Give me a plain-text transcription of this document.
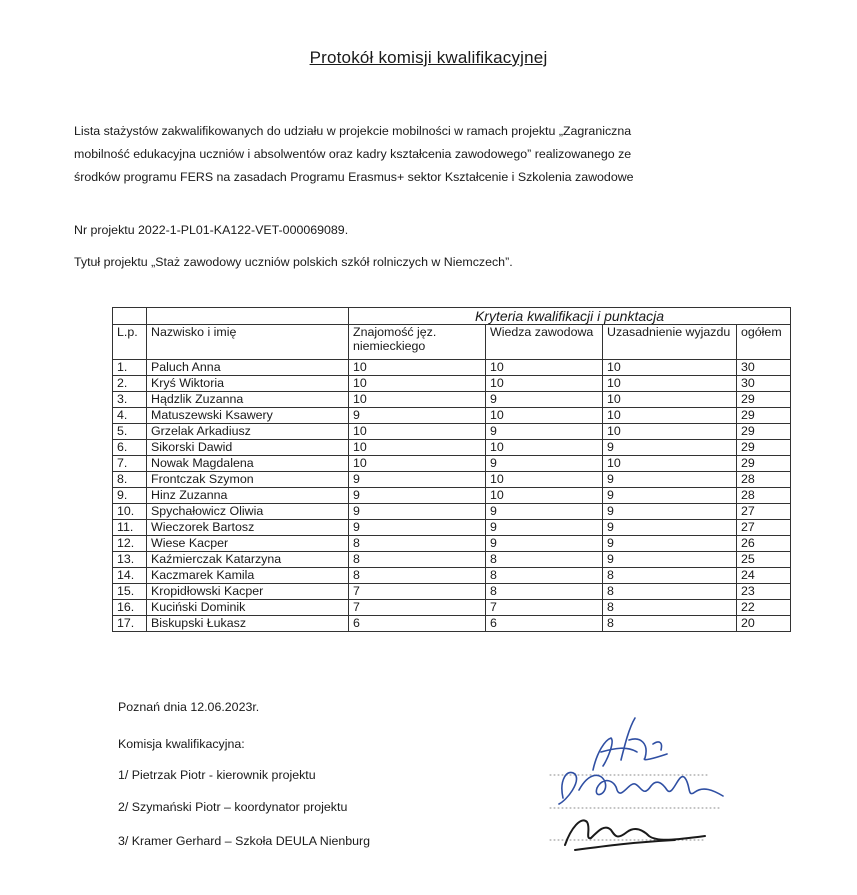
Protokół komisji kwalifikacyjnej
Lista stażystów zakwalifikowanych do udziału w projekcie mobilności w ramach projektu „Zagraniczna
mobilność edukacyjna uczniów i absolwentów oraz kadry kształcenia zawodowego” realizowanego ze
środków programu FERS na zasadach Programu Erasmus+ sektor Kształcenie i Szkolenia zawodowe
Nr projektu 2022-1-PL01-KA122-VET-000069089.
Tytuł projektu „Staż zawodowy uczniów polskich szkół rolniczych w Niemczech”.
		Kryteria kwalifikacji i punktacja			
L.p.	Nazwisko i imię	Znajomość jęz. niemieckiego	Wiedza zawodowa	Uzasadnienie wyjazdu	ogółem
1.	Paluch Anna	10	10	10	30
2.	Kryś Wiktoria	10	10	10	30
3.	Hądzlik Zuzanna	10	9	10	29
4.	Matuszewski Ksawery	9	10	10	29
5.	Grzelak Arkadiusz	10	9	10	29
6.	Sikorski Dawid	10	10	9	29
7.	Nowak Magdalena	10	9	10	29
8.	Frontczak Szymon	9	10	9	28
9.	Hinz Zuzanna	9	10	9	28
10.	Spychałowicz Oliwia	9	9	9	27
11.	Wieczorek Bartosz	9	9	9	27
12.	Wiese Kacper	8	9	9	26
13.	Kaźmierczak Katarzyna	8	8	9	25
14.	Kaczmarek Kamila	8	8	8	24
15.	Kropidłowski Kacper	7	8	8	23
16.	Kuciński Dominik	7	7	8	22
17.	Biskupski Łukasz	6	6	8	20
Poznań dnia 12.06.2023r.
Komisja kwalifikacyjna:
1/ Pietrzak Piotr - kierownik projektu
2/ Szymański Piotr – koordynator projektu
3/ Kramer Gerhard – Szkoła DEULA Nienburg
